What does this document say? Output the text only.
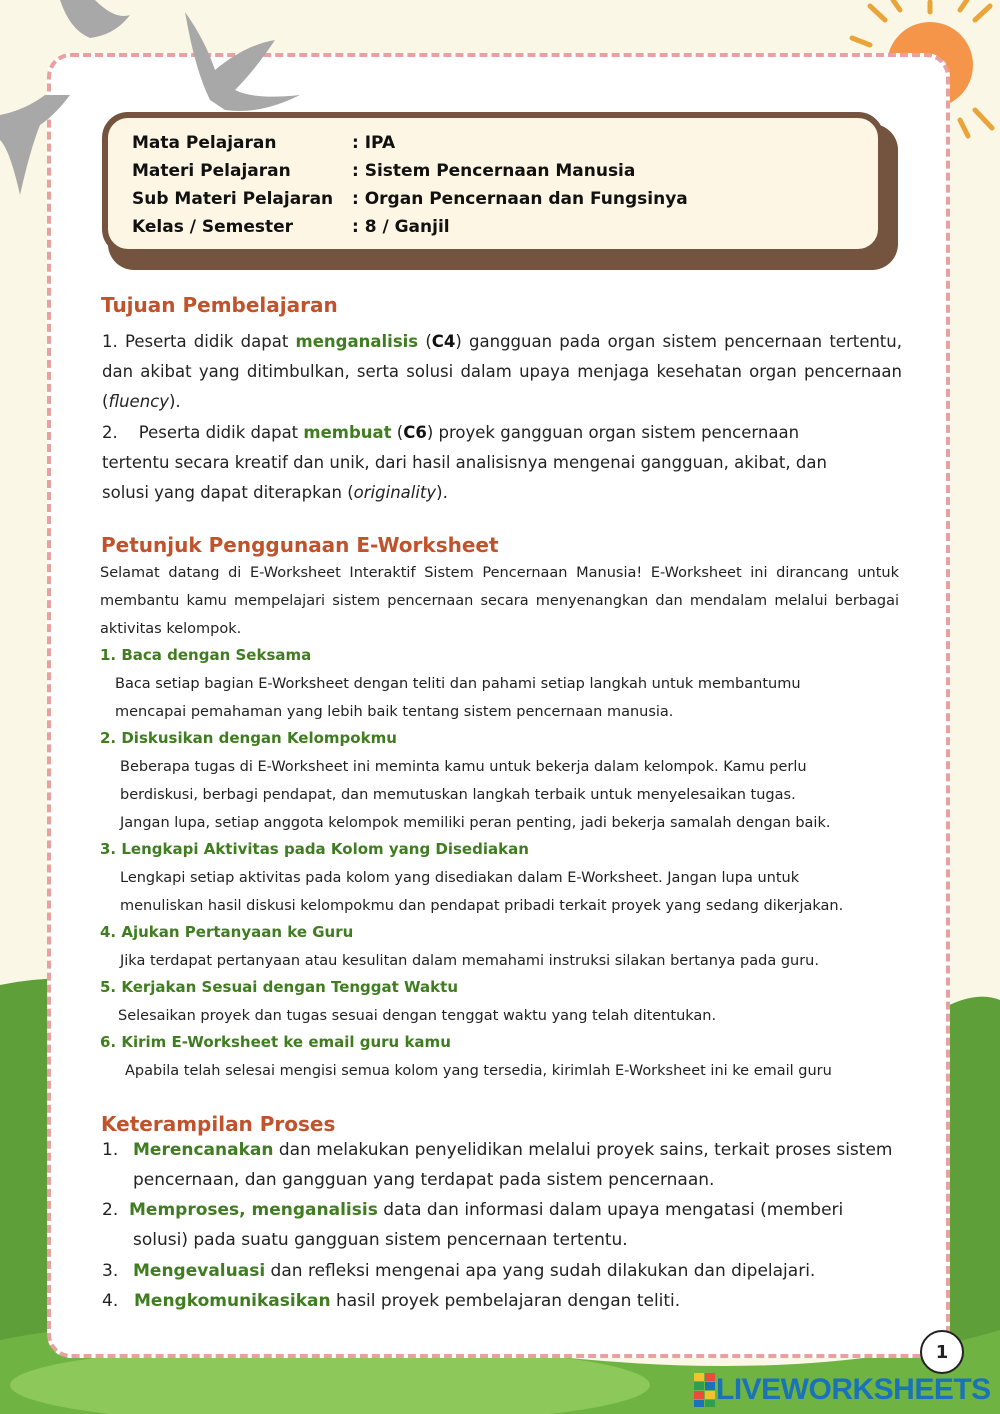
Mata Pelajaran	: IPA
Materi Pelajaran	: Sistem Pencernaan Manusia
Sub Materi Pelajaran : Organ Pencernaan dan Fungsinya
Kelas / Semester	: 8 / Ganjil
Tujuan Pembelajaran
1. Peserta didik dapat menganalisis (C4) gangguan pada organ sistem pencernaan tertentu, dan akibat yang ditimbulkan, serta solusi dalam upaya menjaga kesehatan organ pencernaan (fluency).
2.    Peserta didik dapat membuat (C6) proyek gangguan organ sistem pencernaan tertentu secara kreatif dan unik, dari hasil analisisnya mengenai gangguan, akibat, dan solusi yang dapat diterapkan (originality).
Petunjuk Penggunaan E-Worksheet
Selamat datang di E-Worksheet Interaktif Sistem Pencernaan Manusia! E-Worksheet ini dirancang untuk membantu kamu mempelajari sistem pencernaan secara menyenangkan dan mendalam melalui berbagai aktivitas kelompok.
1. Baca dengan Seksama
Baca setiap bagian E-Worksheet dengan teliti dan pahami setiap langkah untuk membantumu
mencapai pemahaman yang lebih baik tentang sistem pencernaan manusia.
2. Diskusikan dengan Kelompokmu
Beberapa tugas di E-Worksheet ini meminta kamu untuk bekerja dalam kelompok. Kamu perlu
berdiskusi, berbagi pendapat, dan memutuskan langkah terbaik untuk menyelesaikan tugas.
Jangan lupa, setiap anggota kelompok memiliki peran penting, jadi bekerja samalah dengan baik.
3. Lengkapi Aktivitas pada Kolom yang Disediakan
Lengkapi setiap aktivitas pada kolom yang disediakan dalam E-Worksheet. Jangan lupa untuk
menuliskan hasil diskusi kelompokmu dan pendapat pribadi terkait proyek yang sedang dikerjakan.
4. Ajukan Pertanyaan ke Guru
Jika terdapat pertanyaan atau kesulitan dalam memahami instruksi silakan bertanya pada guru.
5. Kerjakan Sesuai dengan Tenggat Waktu
Selesaikan proyek dan tugas sesuai dengan tenggat waktu yang telah ditentukan.
6. Kirim E-Worksheet ke email guru kamu
Apabila telah selesai mengisi semua kolom yang tersedia, kirimlah E-Worksheet ini ke email guru
Keterampilan Proses
1. Merencanakan dan melakukan penyelidikan melalui proyek sains, terkait proses sistem
pencernaan, dan gangguan yang terdapat pada sistem pencernaan.
2. Memproses, menganalisis data dan informasi dalam upaya mengatasi (memberi
solusi) pada suatu gangguan sistem pencernaan tertentu.
3. Mengevaluasi dan refleksi mengenai apa yang sudah dilakukan dan dipelajari.
4. Mengkomunikasikan hasil proyek pembelajaran dengan teliti.
1
LIVEWORKSHEETS
